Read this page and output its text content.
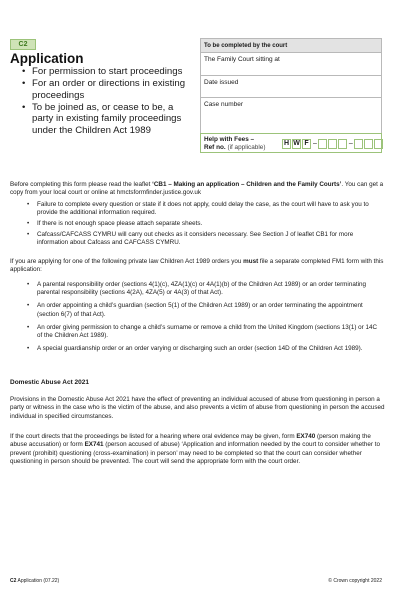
C2
Application
• For permission to start proceedings
• For an order or directions in existing proceedings
• To be joined as, or cease to be, a party in existing family proceedings under the Children Act 1989
To be completed by the court
The Family Court sitting at
Date issued
Case number
Help with Fees –
Ref no. (if applicable)	H W F –	–

Before completing this form please read the leaflet ‘CB1 – Making an application – Children and the Family Courts’. You can get a copy from your local court or online at hmctsformfinder.justice.gov.uk

• Failure to complete every question or state if it does not apply, could delay the case, as the court will have to ask you to provide the additional information required.
• If there is not enough space please attach separate sheets.
• Cafcass/CAFCASS CYMRU will carry out checks as it considers necessary. See Section J of leaflet CB1 for more information about Cafcass and CAFCASS CYMRU.

If you are applying for one of the following private law Children Act 1989 orders you must file a separate completed FM1 form with this application:

• A parental responsibility order (sections 4(1)(c), 4ZA(1)(c) or 4A(1)(b) of the Children Act 1989) or an order terminating parental responsibility (sections 4(2A), 4ZA(5) or 4A(3) of that Act).
• An order appointing a child’s guardian (section 5(1) of the Children Act 1989) or an order terminating the appointment (section 6(7) of that Act).
• An order giving permission to change a child’s surname or remove a child from the United Kingdom (sections 13(1) or 14C of the Children Act 1989).
• A special guardianship order or an order varying or discharging such an order (section 14D of the Children Act 1989).
Domestic Abuse Act 2021

Provisions in the Domestic Abuse Act 2021 have the effect of preventing an individual accused of abuse from questioning in person a party or witness in the case who is the victim of the abuse, and also prevents a victim of abuse from questioning in person the accused individual in specified circumstances.

If the court directs that the proceedings be listed for a hearing where oral evidence may be given, form EX740 (person making the abuse accusation) or form EX741 (person accused of abuse) ‘Application and information needed by the court to consider whether to prevent (prohibit) questioning (cross-examination) in person’ may need to be completed so that the court can consider whether questioning in person should be prevented. The court will send the appropriate form with the court order.

C2 Application (07.22)	© Crown copyright 2022
